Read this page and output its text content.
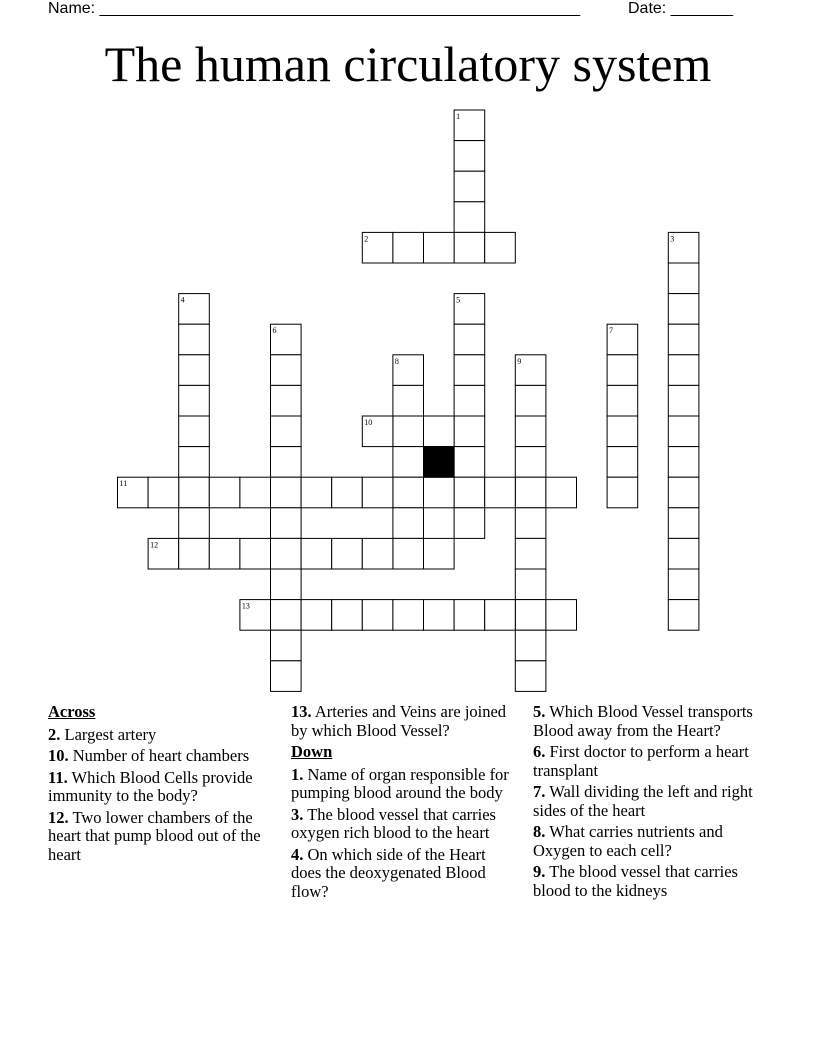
Name: ______________________________________________________	Date: _______
The human circulatory system
1
2	3
4	5
6	7
8	9
10
11
12
13
Across
2. Largest artery
10. Number of heart chambers
11. Which Blood Cells provide immunity to the body?
12. Two lower chambers of the heart that pump blood out of the heart
13. Arteries and Veins are joined by which Blood Vessel?
Down
1. Name of organ responsible for pumping blood around the body
3. The blood vessel that carries oxygen rich blood to the heart
4. On which side of the Heart does the deoxygenated Blood flow?
5. Which Blood Vessel transports Blood away from the Heart?
6. First doctor to perform a heart transplant
7. Wall dividing the left and right sides of the heart
8. What carries nutrients and Oxygen to each cell?
9. The blood vessel that carries blood to the kidneys
